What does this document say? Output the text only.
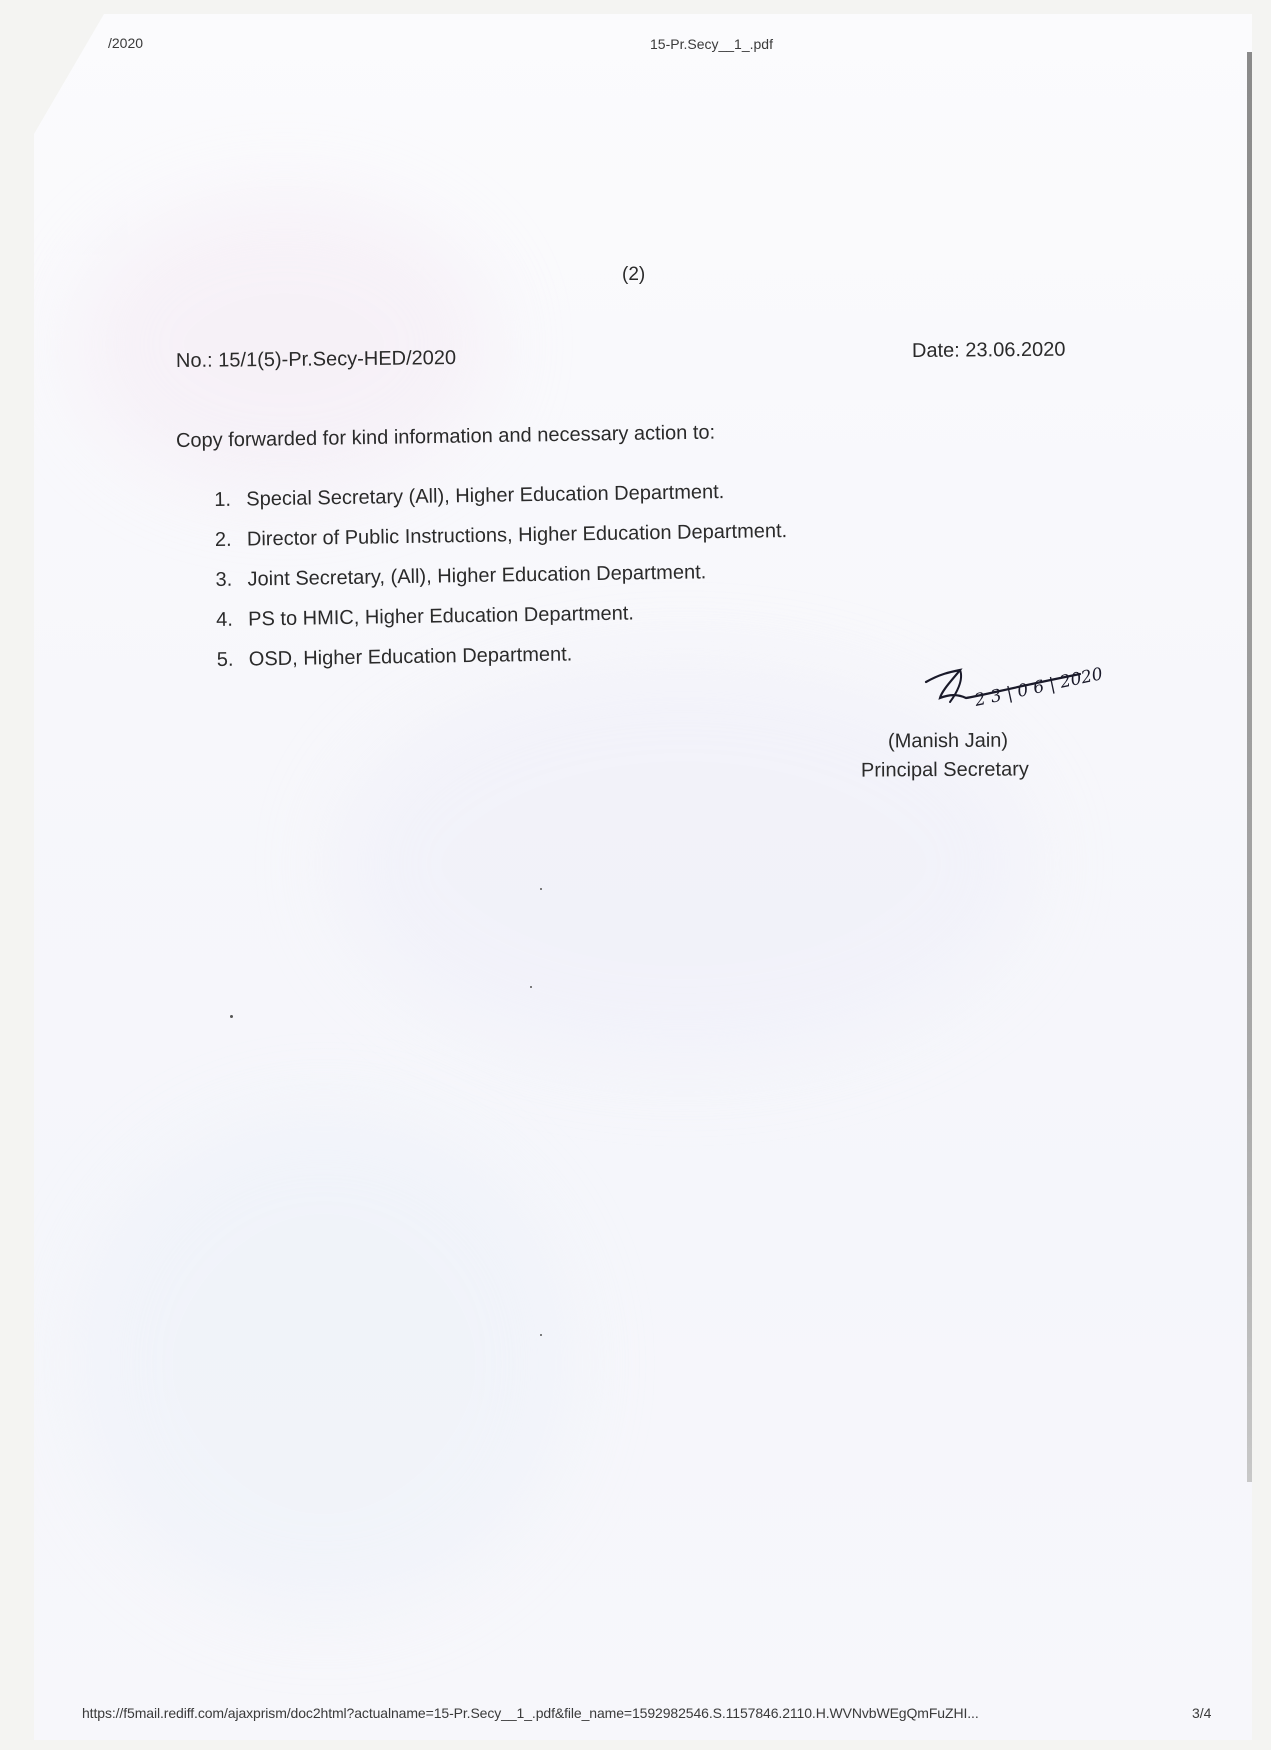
/2020	15-Pr.Secy__1_.pdf
(2)
No.: 15/1(5)-Pr.Secy-HED/2020	Date: 23.06.2020
Copy forwarded for kind information and necessary action to:
1. Special Secretary (All), Higher Education Department.
2. Director of Public Instructions, Higher Education Department.
3. Joint Secretary, (All), Higher Education Department.
4. PS to HMIC, Higher Education Department.
5. OSD, Higher Education Department.
2 3 | 0 6 | 2020
(Manish Jain)
Principal Secretary
https://f5mail.rediff.com/ajaxprism/doc2html?actualname=15-Pr.Secy__1_.pdf&file_name=1592982546.S.1157846.2110.H.WVNvbWEgQmFuZHI...	3/4
